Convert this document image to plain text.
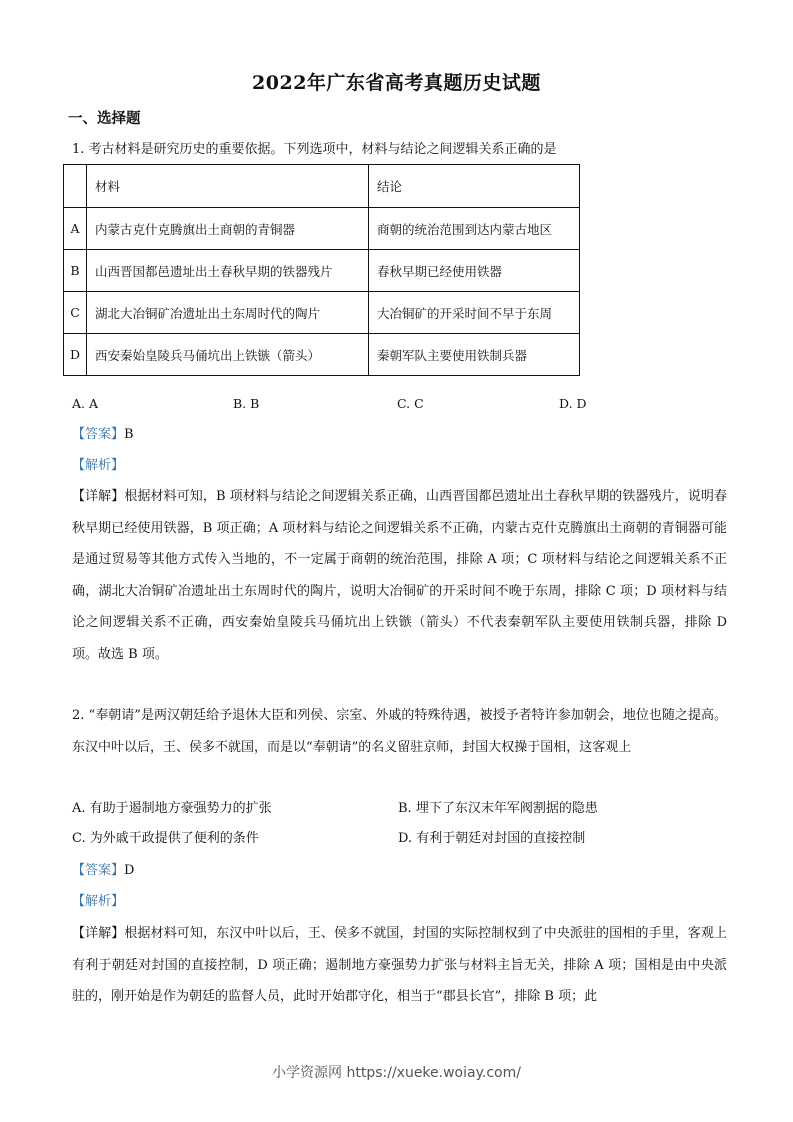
2022年广东省高考真题历史试题
一、选择题
1. 考古材料是研究历史的重要依据。下列选项中，材料与结论之间逻辑关系正确的是
	材料	结论
A	内蒙古克什克腾旗出土商朝的青铜器	商朝的统治范围到达内蒙古地区
B	山西晋国都邑遗址出土春秋早期的铁器残片	春秋早期已经使用铁器
C	湖北大冶铜矿冶遗址出土东周时代的陶片	大冶铜矿的开采时间不早于东周
D	西安秦始皇陵兵马俑坑出上铁镞（箭头）	秦朝军队主要使用铁制兵器
A. A	B. B	C. C	D. D
【答案】B
【解析】
【详解】根据材料可知，B 项材料与结论之间逻辑关系正确，山西晋国都邑遗址出土春秋早期的铁器残片，说明春秋早期已经使用铁器，B 项正确；A 项材料与结论之间逻辑关系不正确，内蒙古克什克腾旗出土商朝的青铜器可能是通过贸易等其他方式传入当地的，不一定属于商朝的统治范围，排除 A 项；C 项材料与结论之间逻辑关系不正确，湖北大冶铜矿冶遗址出土东周时代的陶片，说明大冶铜矿的开采时间不晚于东周，排除 C 项；D 项材料与结论之间逻辑关系不正确，西安秦始皇陵兵马俑坑出上铁镞（箭头）不代表秦朝军队主要使用铁制兵器，排除 D 项。故选 B 项。
2. “奉朝请”是两汉朝廷给予退休大臣和列侯、宗室、外戚的特殊待遇，被授予者特许参加朝会，地位也随之提高。东汉中叶以后，王、侯多不就国，而是以“奉朝请”的名义留驻京师，封国大权操于国相，这客观上
A. 有助于遏制地方豪强势力的扩张	B. 埋下了东汉末年军阀割据的隐患
C. 为外戚干政提供了便利的条件	D. 有利于朝廷对封国的直接控制
【答案】D
【解析】
【详解】根据材料可知，东汉中叶以后，王、侯多不就国，封国的实际控制权到了中央派驻的国相的手里，客观上有利于朝廷对封国的直接控制，D 项正确；遏制地方豪强势力扩张与材料主旨无关，排除 A 项；国相是由中央派驻的，刚开始是作为朝廷的监督人员，此时开始郡守化，相当于“郡县长官”，排除 B 项；此
小学资源网 https://xueke.woiay.com/
